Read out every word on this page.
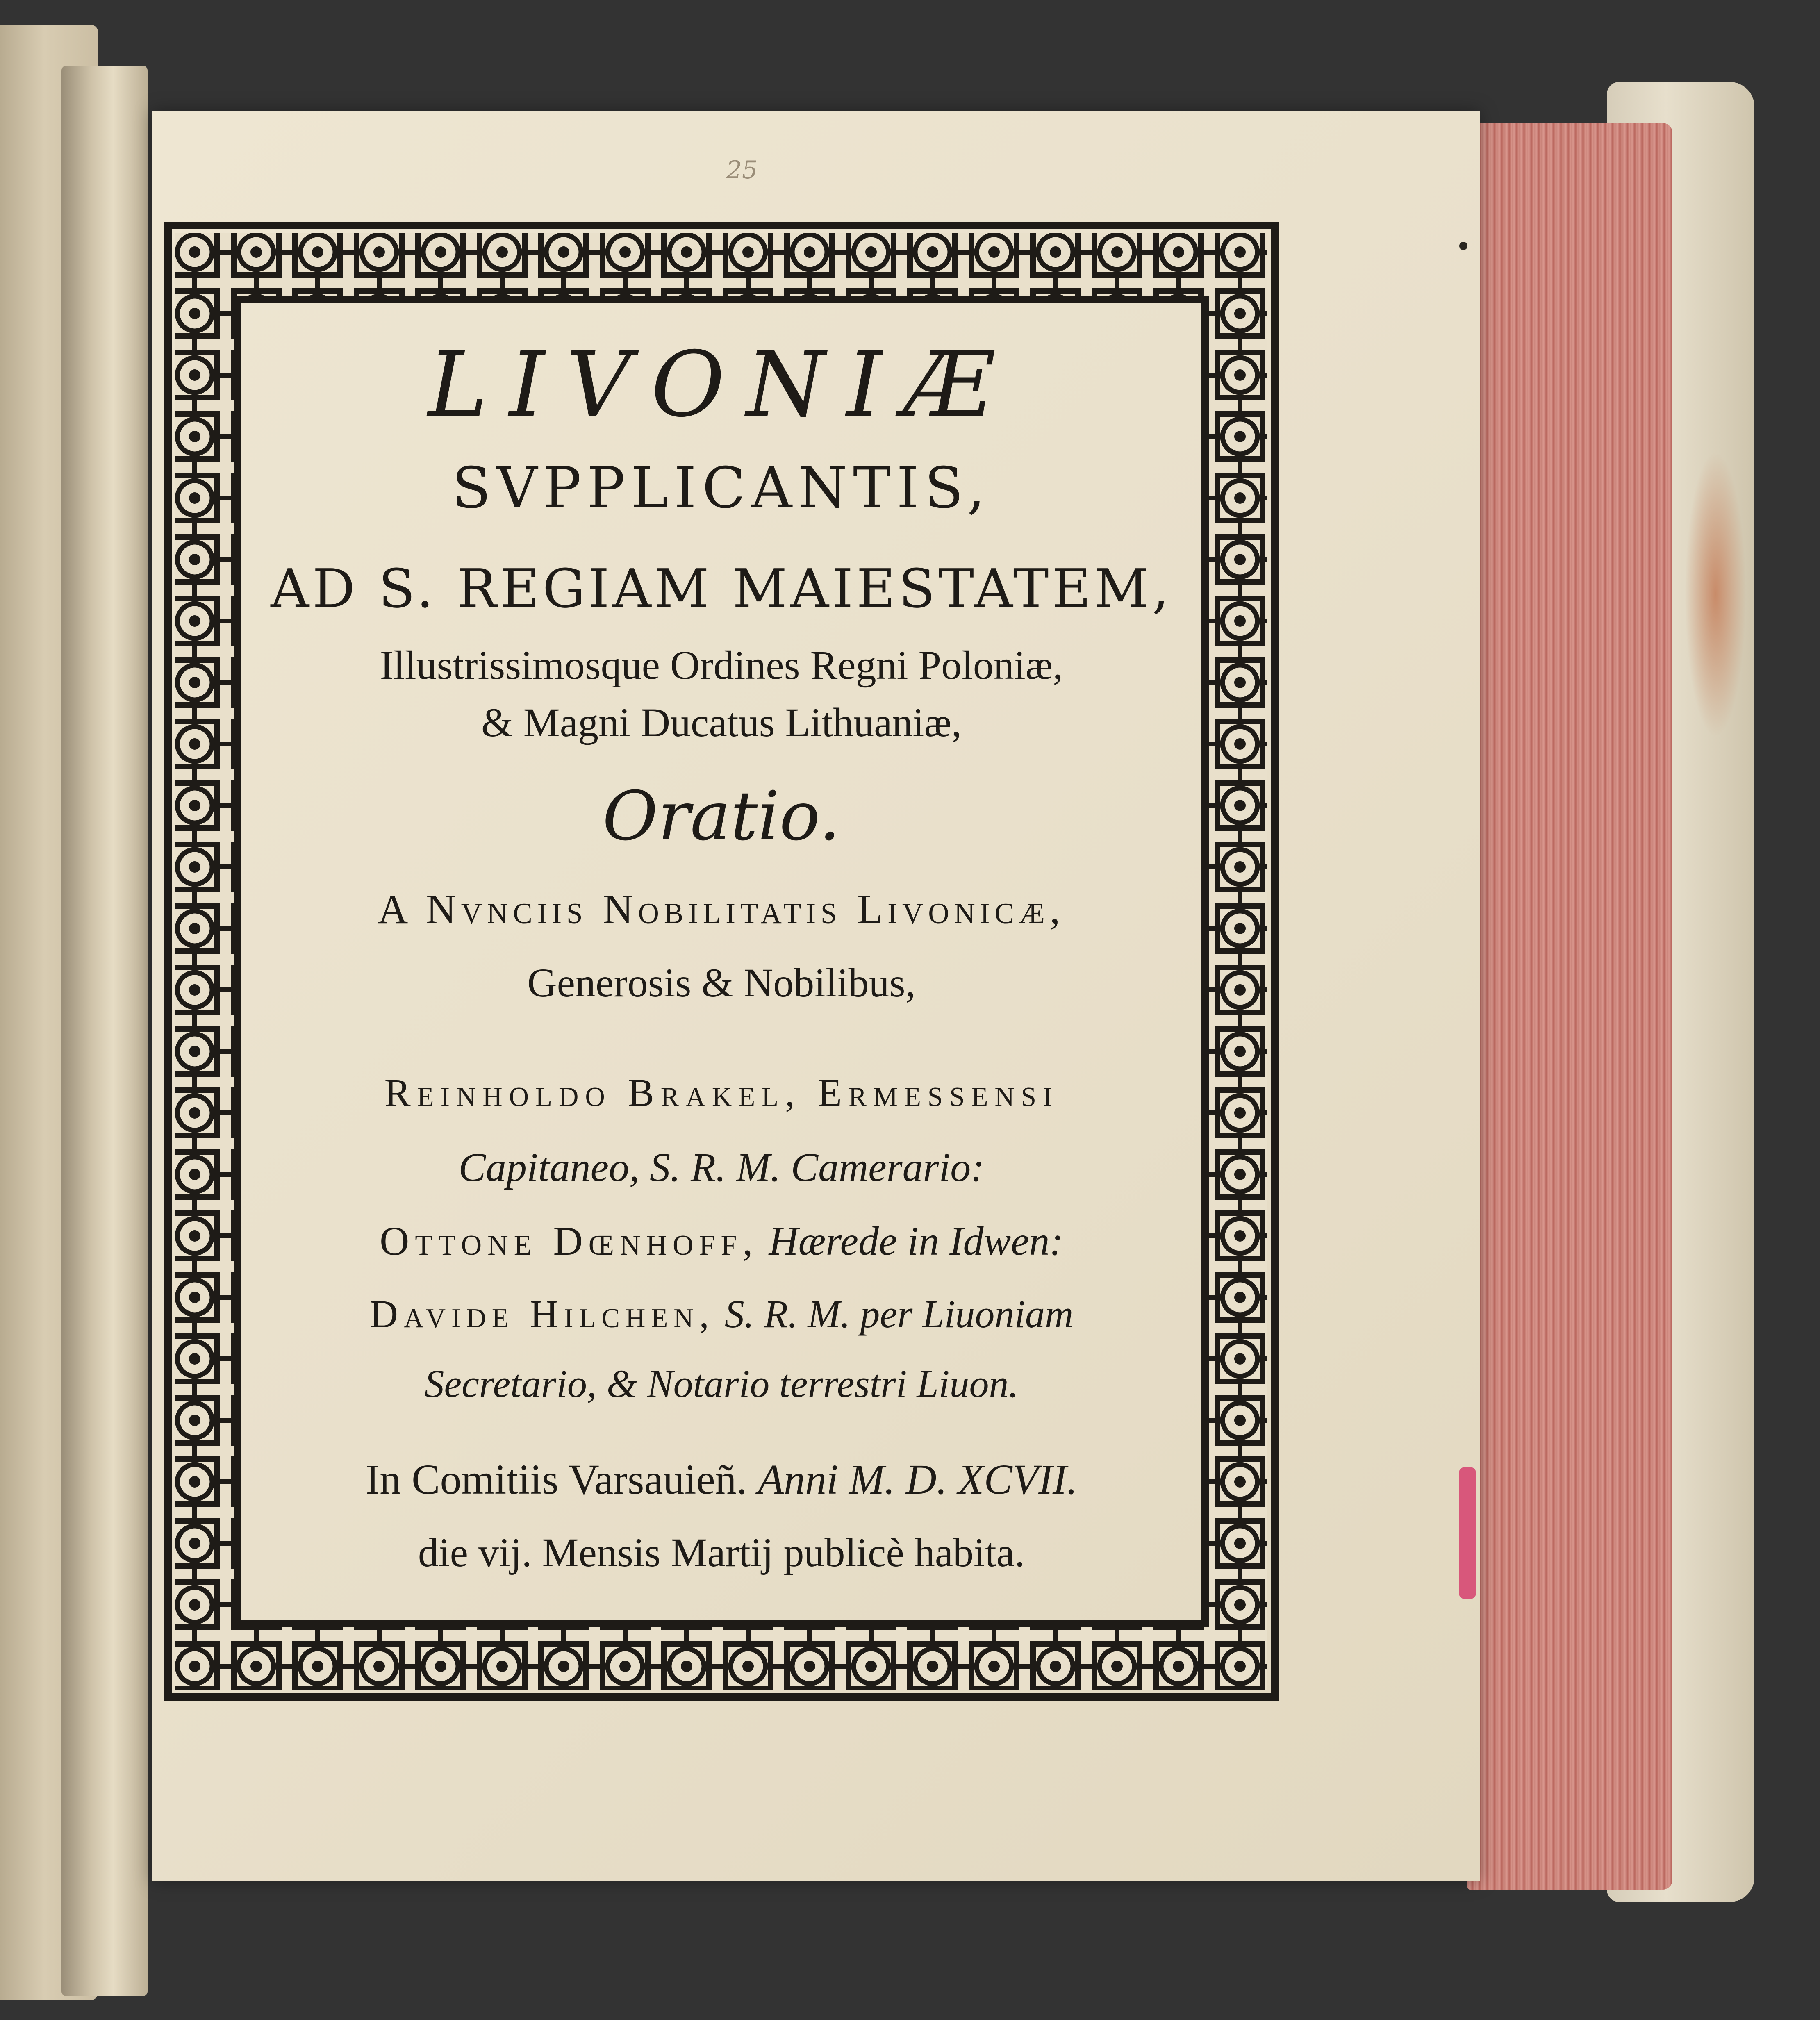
25
LIVONIÆ
SVPPLICANTIS,
AD S. REGIAM MAIESTATEM,
Illustrissimosque Ordines Regni Poloniæ,
& Magni Ducatus Lithuaniæ,
Oratio.
A Nvnciis Nobilitatis Livonicæ,
Generosis & Nobilibus,
Reinholdo Brakel, Ermessensi
Capitaneo, S. R. M. Camerario:
Ottone Dœnhoff, Hærede in Idwen:
Davide Hilchen, S. R. M. per Liuoniam
Secretario, & Notario terrestri Liuon.
In Comitiis Varsauieñ. Anni M. D. XCVII.
die vij. Mensis Martij publicè habita.
